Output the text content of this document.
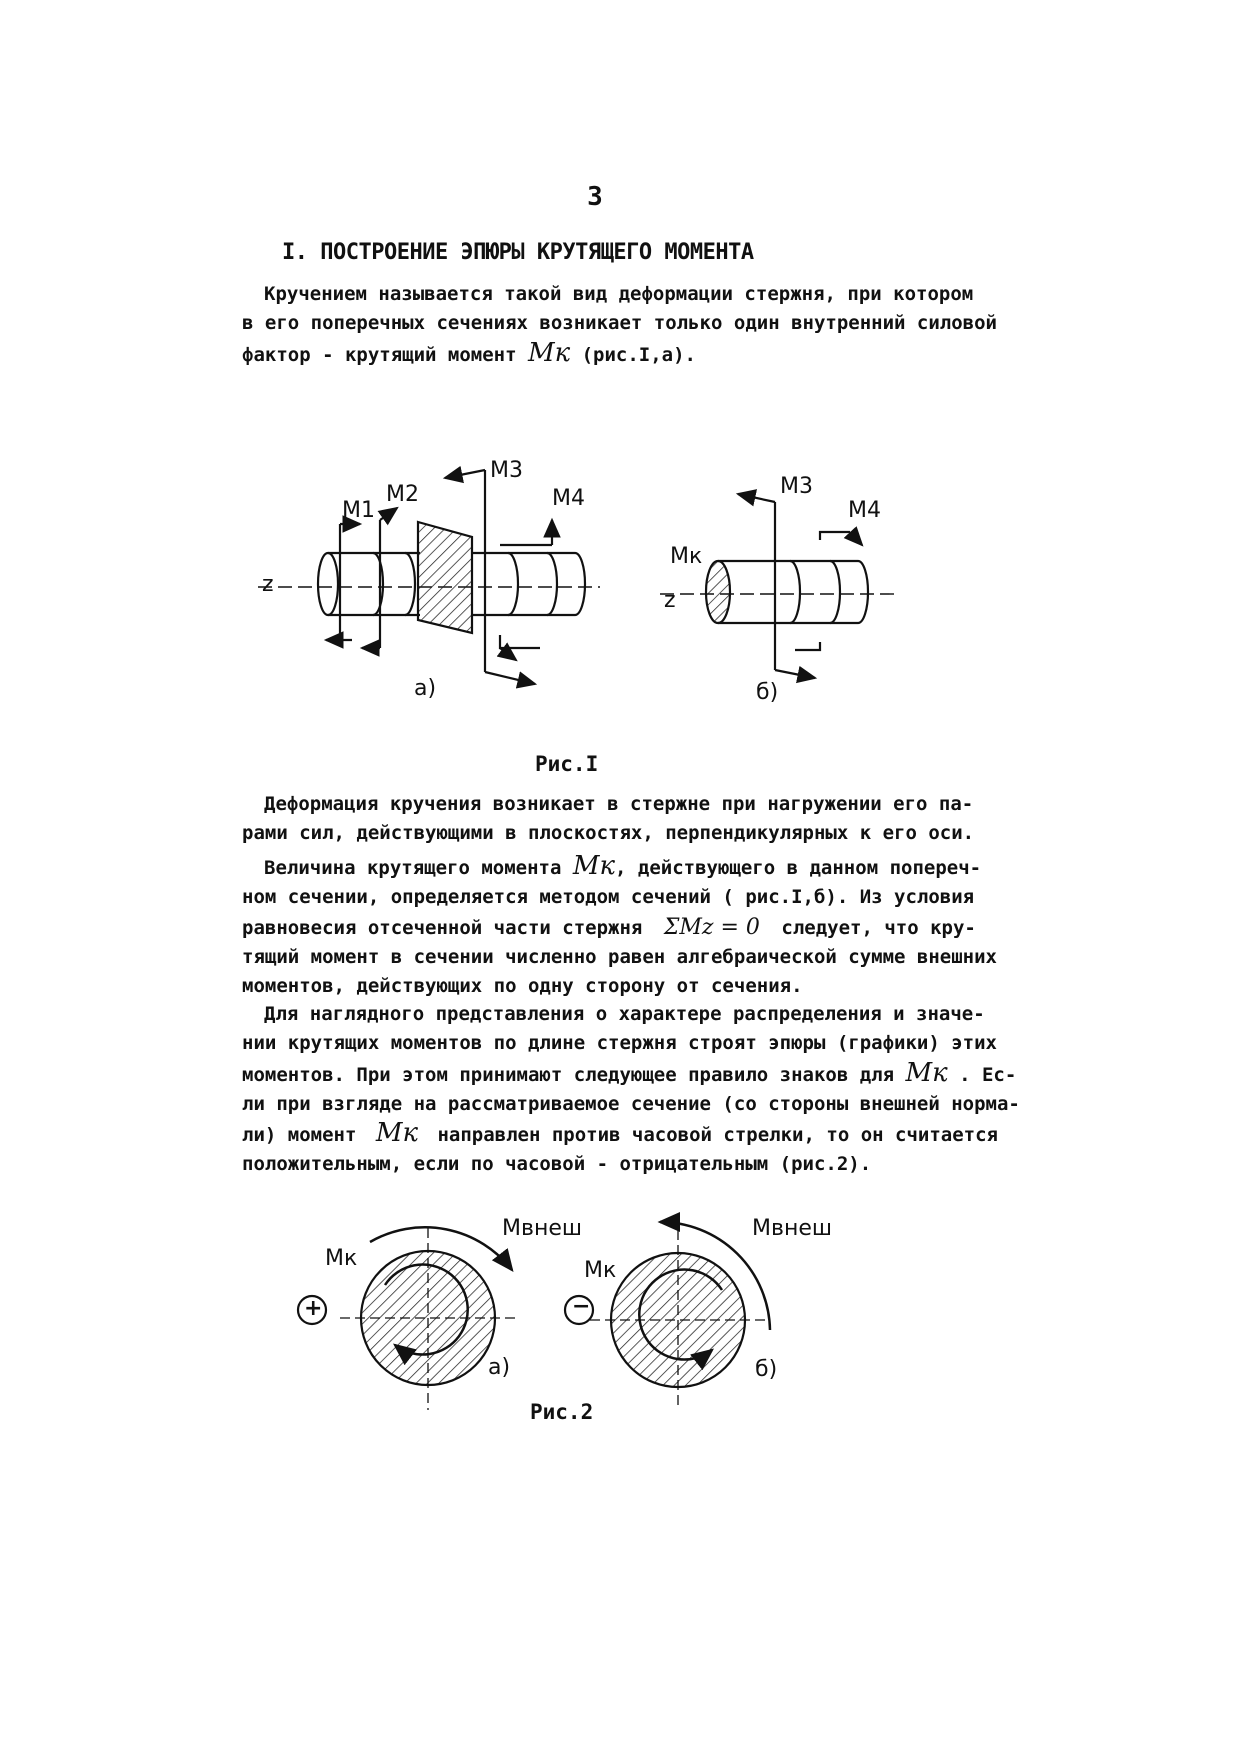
3
I. ПОСТРОЕНИЕ ЭПЮРЫ КРУТЯЩЕГО МОМЕНТА
Кручением называется такой вид деформации стержня, при котором
в его поперечных сечениях возникает только один внутренний силовой
фактор - крутящий момент Mк (рис.I,а).
M1
M2
M3
M4
z
Mк
M3
M4
z
а)	б)
Рис.I
Деформация кручения возникает в стержне при нагружении его па-
рами сил, действующими в плоскостях, перпендикулярных к его оси.
Величина крутящего момента Mк, действующего в данном попереч-
ном сечении, определяется методом сечений ( рис.I,б). Из условия
равновесия отсеченной части стержня ΣMz = 0 следует, что кру-
тящий момент в сечении численно равен алгебраической сумме внешних
моментов, действующих по одну сторону от сечения.
Для наглядного представления о характере распределения и значе-
нии крутящих моментов по длине стержня строят эпюры (графики) этих
моментов. При этом принимают следующее правило знаков для Mк . Ес-
ли при взгляде на рассматриваемое сечение (со стороны внешней норма-
ли) момент Mк направлен против часовой стрелки, то он считается
положительным, если по часовой - отрицательным (рис.2).
Mк
Mвнеш
+
а)
Mк
Mвнеш
−
б)
Рис.2
